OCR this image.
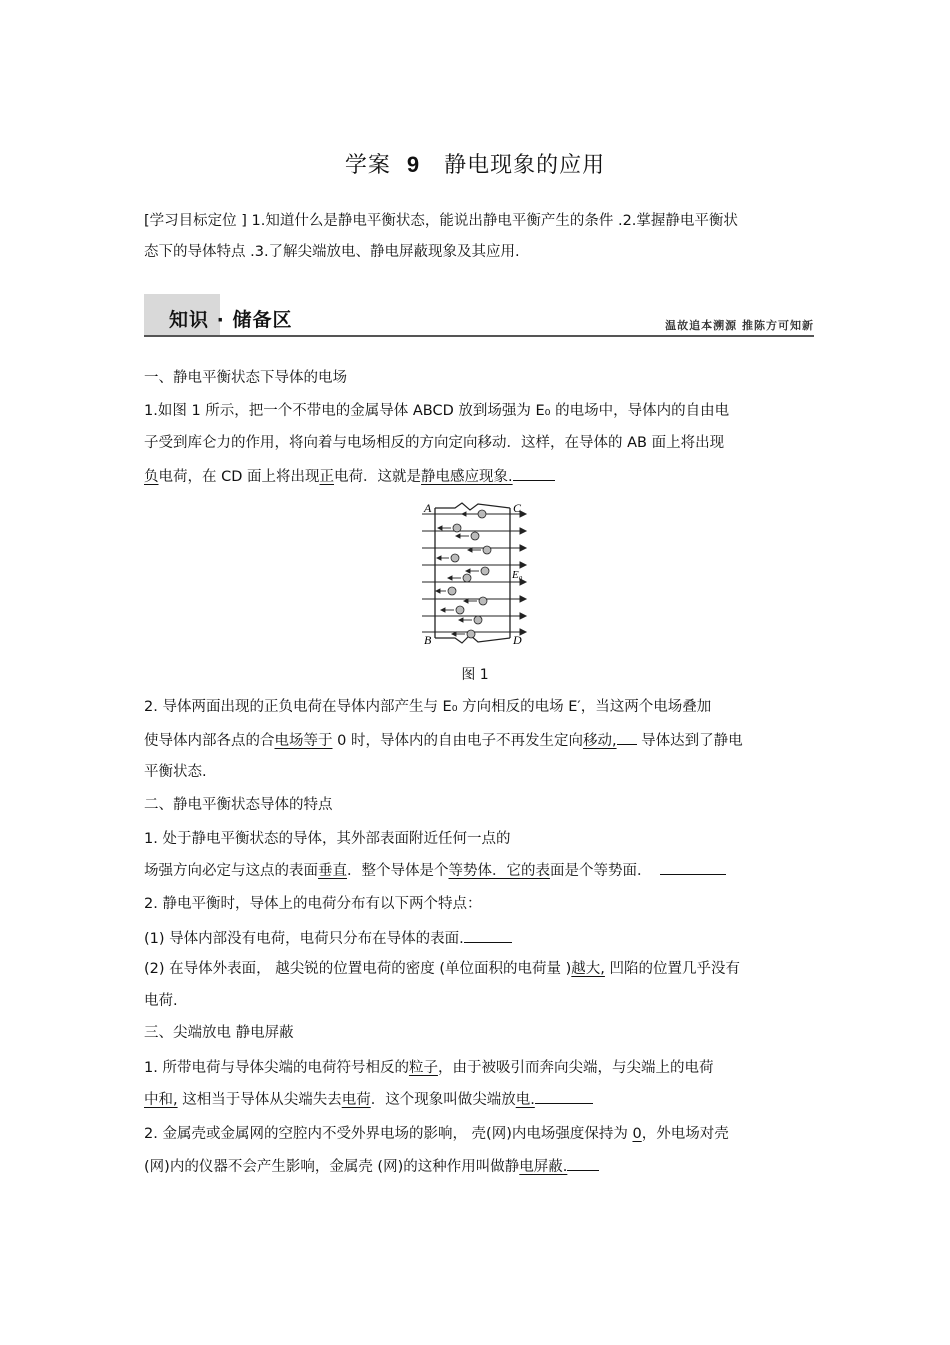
学案 9 静电现象的应用
[学习目标定位 ] 1.知道什么是静电平衡状态，能说出静电平衡产生的条件 .2.掌握静电平衡状
态下的导体特点 .3.了解尖端放电、静电屏蔽现象及其应用.
知识 · 储备区	温故追本溯源 推陈方可知新
一、静电平衡状态下导体的电场
1.如图 1 所示，把一个不带电的金属导体 ABCD 放到场强为 E₀ 的电场中，导体内的自由电
子受到库仑力的作用，将向着与电场相反的方向定向移动．这样，在导体的 AB 面上将出现
负电荷，在 CD 面上将出现正电荷．这就是静电感应现象.
A
B
C
D
E₀
图 1
2. 导体两面出现的正负电荷在导体内部产生与 E₀ 方向相反的电场 E′，当这两个电场叠加
使导体内部各点的合电场等于 0 时，导体内的自由电子不再发生定向移动, 导体达到了静电
平衡状态.
二、静电平衡状态导体的特点
1. 处于静电平衡状态的导体，其外部表面附近任何一点的
场强方向必定与这点的表面垂直．整个导体是个等势体．它的表面是个等势面．
2. 静电平衡时，导体上的电荷分布有以下两个特点：
(1) 导体内部没有电荷，电荷只分布在导体的表面.
(2) 在导体外表面， 越尖锐的位置电荷的密度 (单位面积的电荷量 )越大, 凹陷的位置几乎没有
电荷.
三、尖端放电 静电屏蔽
1. 所带电荷与导体尖端的电荷符号相反的粒子，由于被吸引而奔向尖端，与尖端上的电荷
中和, 这相当于导体从尖端失去电荷．这个现象叫做尖端放电.
2. 金属壳或金属网的空腔内不受外界电场的影响， 壳(网)内电场强度保持为 0，外电场对壳
(网)内的仪器不会产生影响，金属壳 (网)的这种作用叫做静电屏蔽.
